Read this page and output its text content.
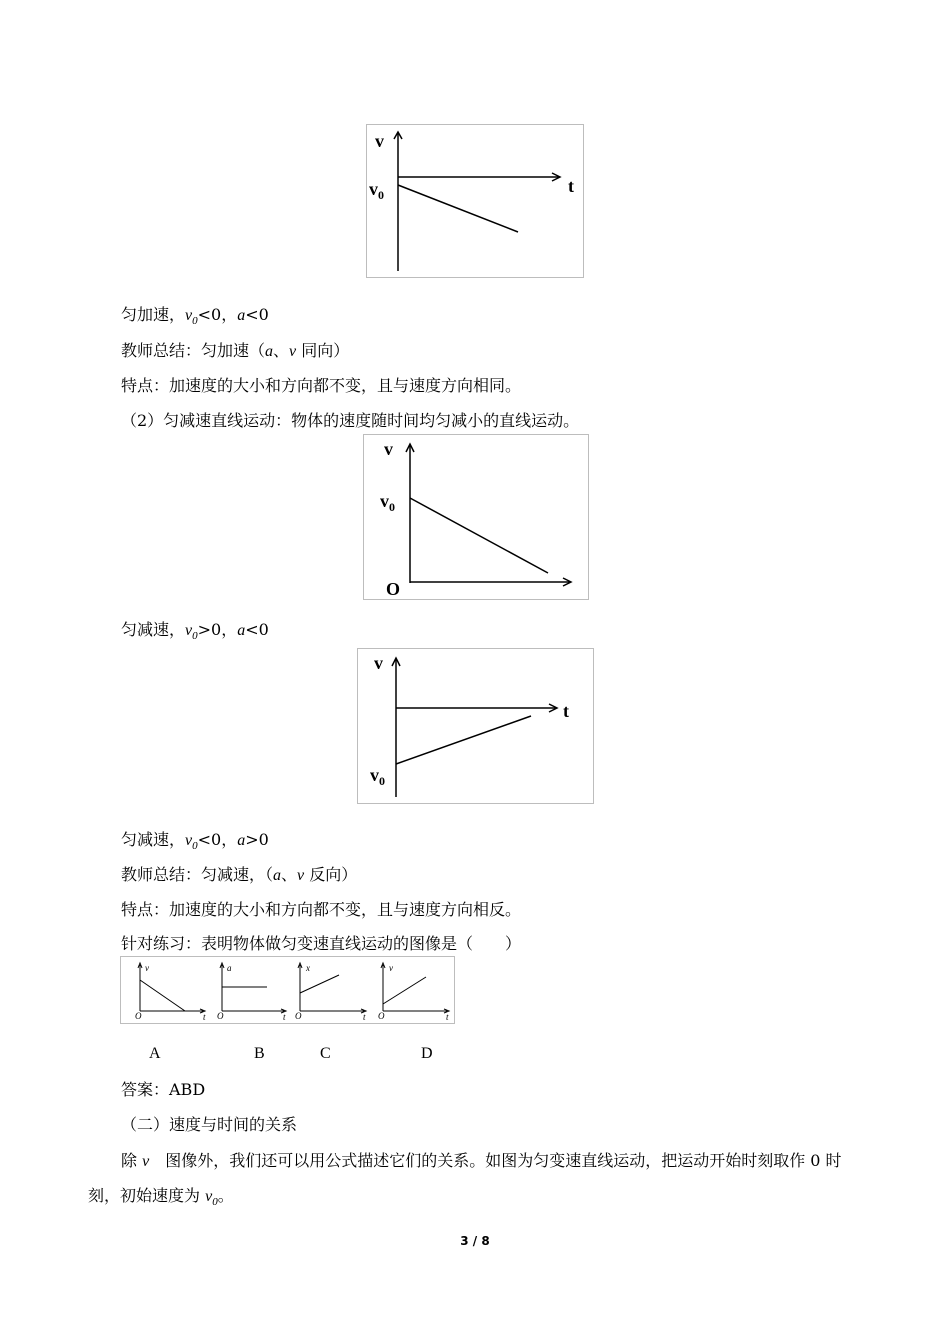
v
$v_0$	t
匀加速，$v_0<0$，a<0
教师总结：匀加速（a、v 同向）
特点：加速度的大小和方向都不变，且与速度方向相同。
（2）匀减速直线运动：物体的速度随时间均匀减小的直线运动。
v
$v_0$
O
匀减速，$v_0>0$，a<0
v
$v_0$
t
匀减速，$v_0<0$，a>0
教师总结：匀减速，（a、v 反向）
特点：加速度的大小和方向都不变，且与速度方向相反。
针对练习：表明物体做匀变速直线运动的图像是（　　）
v
O	t
a
O	t
x
O	t
v
O	t
A	B	C	D
答案：ABD
（二）速度与时间的关系
除 v　图像外，我们还可以用公式描述它们的关系。如图为匀变速直线运动，把运动开始时刻取作 0 时
刻，初始速度为 $v_0$。
3 / 8
